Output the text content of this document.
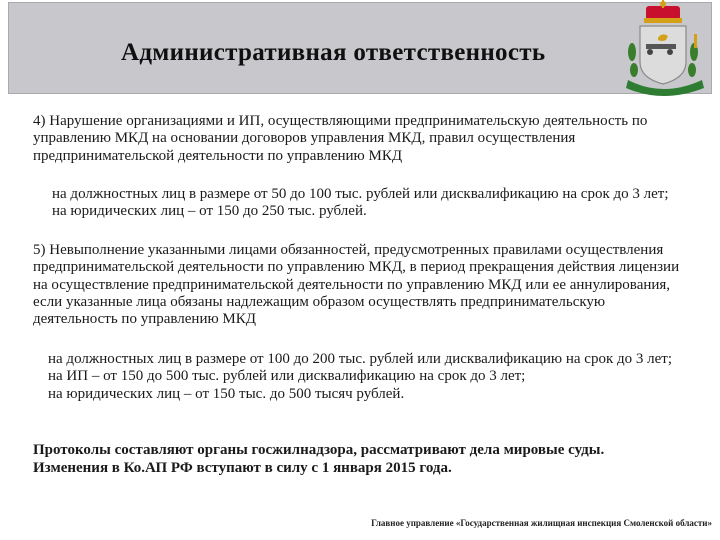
Административная ответственность
4) Нарушение организациями и ИП, осуществляющими предпринимательскую деятельность по
управлению МКД на основании договоров управления МКД, правил осуществления
предпринимательской деятельности по управлению МКД
на должностных лиц в размере от 50 до 100 тыс. рублей или дисквалификацию на срок до 3 лет;
на юридических лиц – от 150 до 250 тыс. рублей.
5) Невыполнение указанными лицами обязанностей, предусмотренных правилами осуществления
предпринимательской деятельности по управлению МКД, в период прекращения действия лицензии
на осуществление предпринимательской деятельности по управлению МКД или ее аннулирования,
если указанные лица обязаны надлежащим образом осуществлять предпринимательскую
деятельность по управлению МКД
на должностных лиц в размере от 100 до 200 тыс. рублей или дисквалификацию на срок до 3 лет;
на ИП – от 150 до 500 тыс. рублей или дисквалификацию на срок до 3 лет;
на юридических лиц – от 150 тыс. до 500 тысяч рублей.
Протоколы составляют органы госжилнадзора, рассматривают дела мировые суды.
Изменения в Ко.АП РФ вступают в силу с 1 января 2015 года.
Главное управление «Государственная жилищная инспекция Смоленской области»
